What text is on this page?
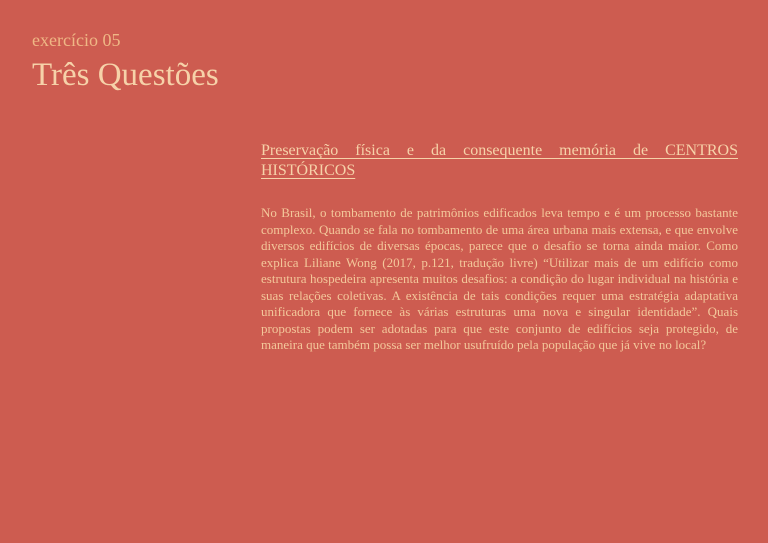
exercício 05
Três Questões
Preservação física e da consequente memória de CENTROS HISTÓRICOS

No Brasil, o tombamento de patrimônios edificados leva tempo e é um processo bastante complexo. Quando se fala no tombamento de uma área urbana mais extensa, e que envolve diversos edifícios de diversas épocas, parece que o desafio se torna ainda maior. Como explica Liliane Wong (2017, p.121, tradução livre) “Utilizar mais de um edifício como estrutura hospedeira apresenta muitos desafios: a condição do lugar individual na história e suas relações coletivas. A existência de tais condições requer uma estratégia adaptativa unificadora que fornece às várias estruturas uma nova e singular identidade”. Quais propostas podem ser adotadas para que este conjunto de edifícios seja protegido, de maneira que também possa ser melhor usufruído pela população que já vive no local?
